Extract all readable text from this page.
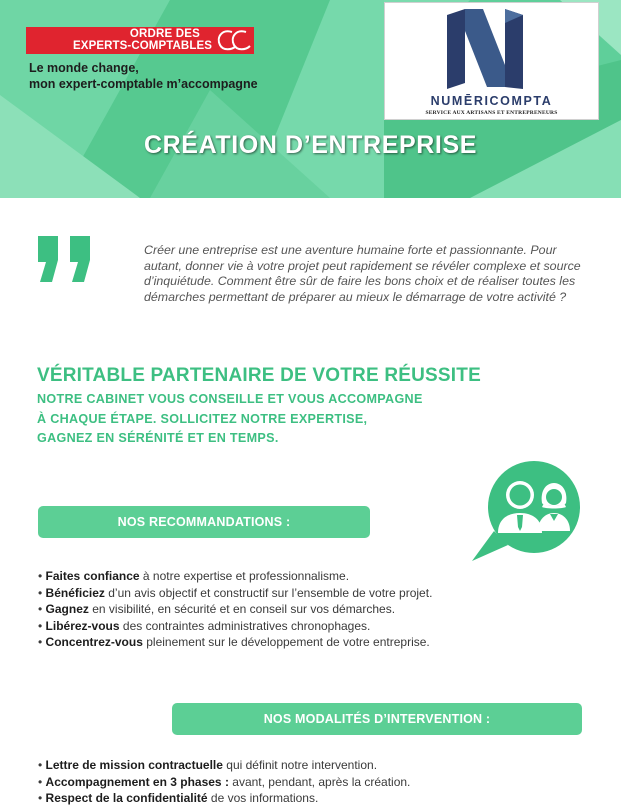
ORDRE DES
EXPERTS-COMPTABLES
Le monde change,
mon expert-comptable m’accompagne
NUMĒRICOMPTA
SERVICE AUX ARTISANS ET ENTREPRENEURS
CRÉATION D’ENTREPRISE
Créer une entreprise est une aventure humaine forte et passionnante. Pour autant, donner vie à votre projet peut rapidement se révéler complexe et source d’inquiétude. Comment être sûr de faire les bons choix et de réaliser toutes les démarches permettant de préparer au mieux le démarrage de votre activité ?
VÉRITABLE PARTENAIRE DE VOTRE RÉUSSITE
NOTRE CABINET VOUS CONSEILLE ET VOUS ACCOMPAGNE
À CHAQUE ÉTAPE. SOLLICITEZ NOTRE EXPERTISE,
GAGNEZ EN SÉRÉNITÉ ET EN TEMPS.
NOS RECOMMANDATIONS :
• Faites confiance à notre expertise et professionnalisme.
• Bénéficiez d’un avis objectif et constructif sur l’ensemble de votre projet.
• Gagnez en visibilité, en sécurité et en conseil sur vos démarches.
• Libérez-vous des contraintes administratives chronophages.
• Concentrez-vous pleinement sur le développement de votre entreprise.
NOS MODALITÉS D’INTERVENTION :
• Lettre de mission contractuelle qui définit notre intervention.
• Accompagnement en 3 phases : avant, pendant, après la création.
• Respect de la confidentialité de vos informations.
